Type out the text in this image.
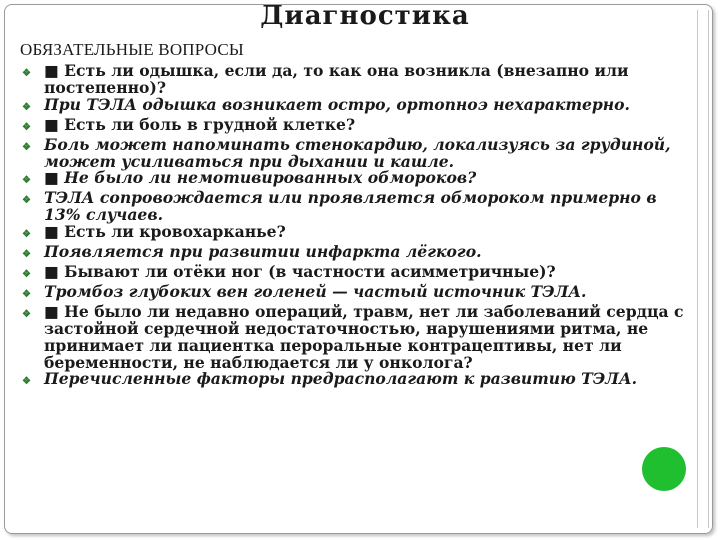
Диагностика
ОБЯЗАТЕЛЬНЫЕ ВОПРОСЫ
❖ ■ Есть ли одышка, если да, то как она возникла (внезапно или постепенно)?
❖ При ТЭЛА одышка возникает остро, ортопноэ нехарактерно.
❖ ■ Есть ли боль в грудной клетке?
❖ Боль может напоминать стенокардию, локализуясь за грудиной, может усиливаться при дыхании и кашле.
❖ ■ Не было ли немотивированных обмороков?
❖ ТЭЛА сопровождается или проявляется обмороком примерно в 13% случаев.
❖ ■ Есть ли кровохарканье?
❖ Появляется при развитии инфаркта лёгкого.
❖ ■ Бывают ли отёки ног (в частности асимметричные)?
❖ Тромбоз глубоких вен голеней — частый источник ТЭЛА.
❖ ■ Не было ли недавно операций, травм, нет ли заболеваний сердца с застойной сердечной недостаточностью, нарушениями ритма, не принимает ли пациентка пероральные контрацептивы, нет ли беременности, не наблюдается ли у онколога?
❖ Перечисленные факторы предрасполагают к развитию ТЭЛА.
